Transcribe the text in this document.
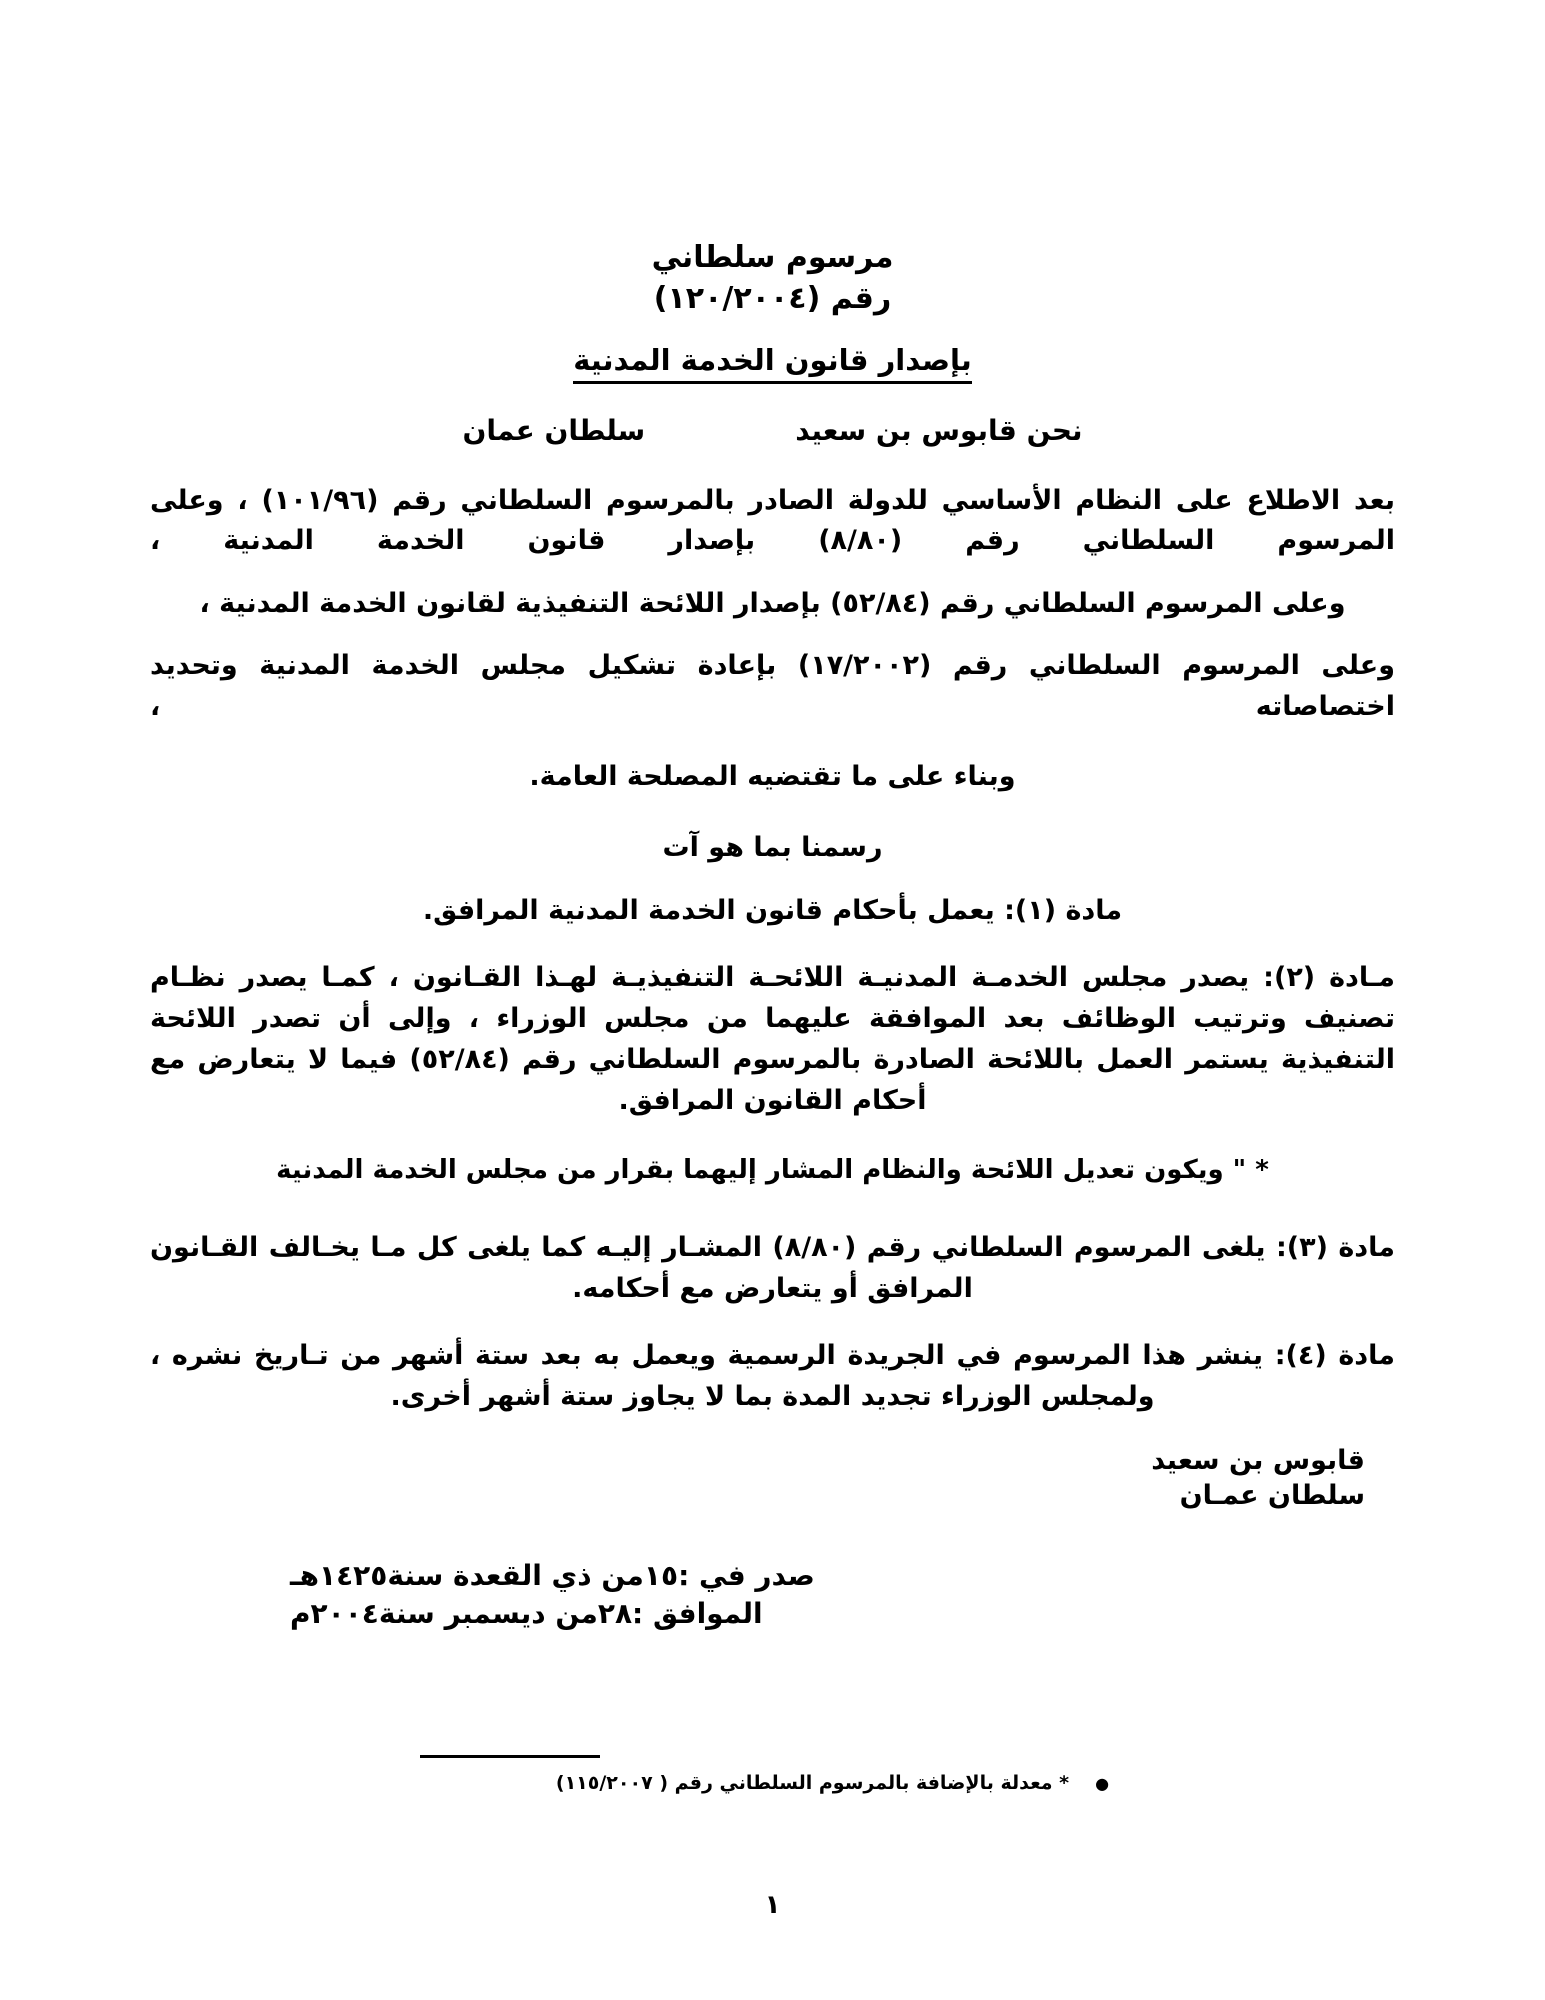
مرسوم سلطاني
رقم (١٢٠/٢٠٠٤)
بإصدار قانون الخدمة المدنية
نحن قابوس بن سعيد
سلطان عمان

بعد الاطلاع على النظام الأساسي للدولة الصادر بالمرسوم السلطاني رقم (١٠١/٩٦) ، وعلى المرسوم السلطاني رقم (٨/٨٠) بإصدار قانون الخدمة المدنية ،

وعلى المرسوم السلطاني رقم (٥٢/٨٤) بإصدار اللائحة التنفيذية لقانون الخدمة المدنية ،

وعلى المرسوم السلطاني رقم (١٧/٢٠٠٢) بإعادة تشكيل مجلس الخدمة المدنية وتحديد اختصاصاته ،

وبناء على ما تقتضيه المصلحة العامة.

رسمنا بما هو آت

مادة (١): يعمل بأحكام قانون الخدمة المدنية المرافق.

مـادة (٢): يصدر مجلس الخدمـة المدنيـة اللائحـة التنفيذيـة لهـذا القـانون ، كمـا يصدر نظـام تصنيف وترتيب الوظائف بعد الموافقة عليهما من مجلس الوزراء ، وإلى أن تصدر اللائحة التنفيذية يستمر العمل باللائحة الصادرة بالمرسوم السلطاني رقم (٥٢/٨٤) فيما لا يتعارض مع أحكام القانون المرافق.

* " ويكون تعديل اللائحة والنظام المشار إليهما بقرار من مجلس الخدمة المدنية

مادة (٣): يلغى المرسوم السلطاني رقم (٨/٨٠) المشـار إليـه كما يلغى كل مـا يخـالف القـانون المرافق أو يتعارض مع أحكامه.

مادة (٤): ينشر هذا المرسوم في الجريدة الرسمية ويعمل به بعد ستة أشهر من تـاريخ نشره ، ولمجلس الوزراء تجديد المدة بما لا يجاوز ستة أشهر أخرى.

قابوس بن سعيد
سلطان عمـان
صدر في :١٥من ذي القعدة سنة١٤٢٥هـ
الموافق :٢٨من ديسمبر سنة٢٠٠٤م
●* معدلة بالإضافة بالمرسوم السلطاني رقم ( ١١٥/٢٠٠٧)
١
